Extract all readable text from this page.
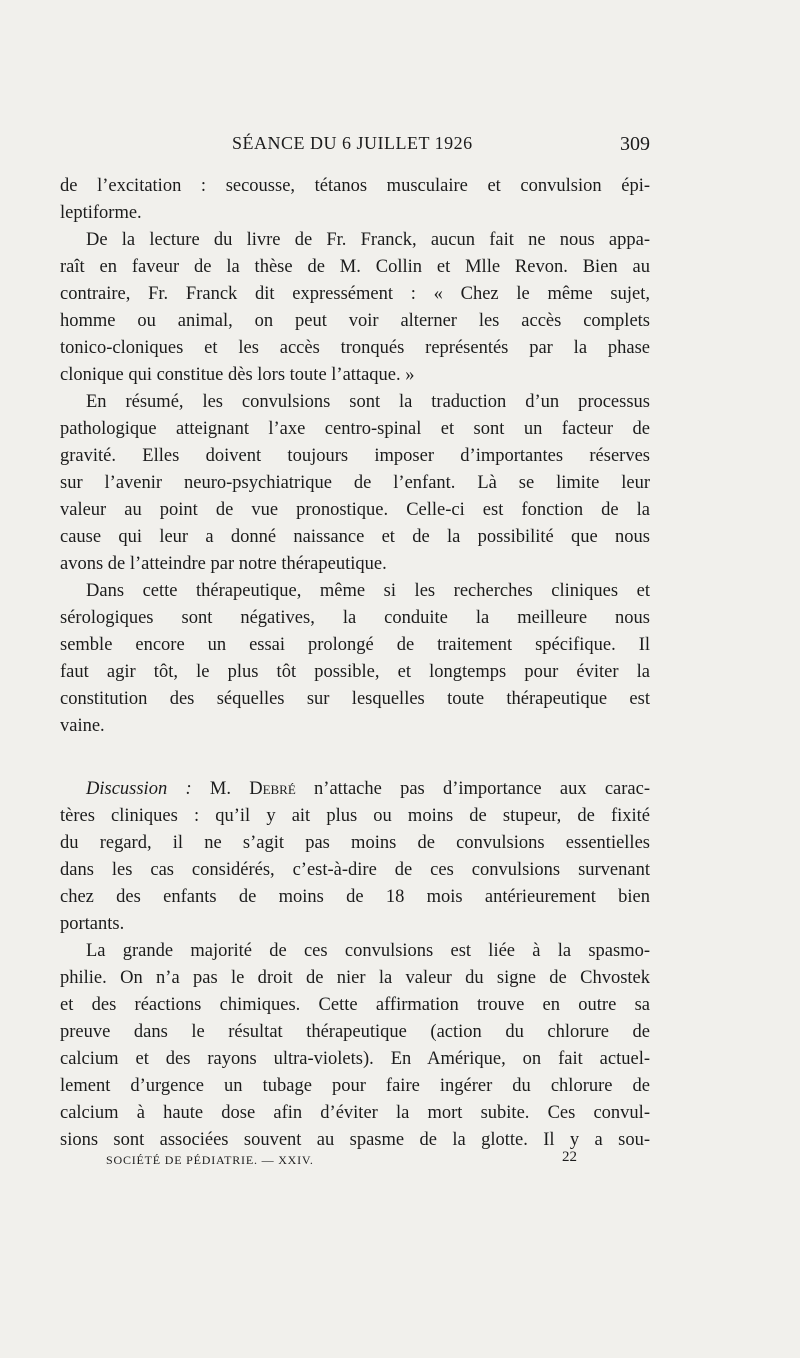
SÉANCE DU 6 JUILLET 1926	309
de l’excitation : secousse, tétanos musculaire et convulsion épi-
leptiforme.
De la lecture du livre de Fr. Franck, aucun fait ne nous appa-
raît en faveur de la thèse de M. Collin et Mlle Revon. Bien au
contraire, Fr. Franck dit expressément : « Chez le même sujet,
homme ou animal, on peut voir alterner les accès complets
tonico-cloniques et les accès tronqués représentés par la phase
clonique qui constitue dès lors toute l’attaque. »
En résumé, les convulsions sont la traduction d’un processus
pathologique atteignant l’axe centro-spinal et sont un facteur de
gravité. Elles doivent toujours imposer d’importantes réserves
sur l’avenir neuro-psychiatrique de l’enfant. Là se limite leur
valeur au point de vue pronostique. Celle-ci est fonction de la
cause qui leur a donné naissance et de la possibilité que nous
avons de l’atteindre par notre thérapeutique.
Dans cette thérapeutique, même si les recherches cliniques et
sérologiques sont négatives, la conduite la meilleure nous
semble encore un essai prolongé de traitement spécifique. Il
faut agir tôt, le plus tôt possible, et longtemps pour éviter la
constitution des séquelles sur lesquelles toute thérapeutique est
vaine.
Discussion : M. Debré n’attache pas d’importance aux carac-
tères cliniques : qu’il y ait plus ou moins de stupeur, de fixité
du regard, il ne s’agit pas moins de convulsions essentielles
dans les cas considérés, c’est-à-dire de ces convulsions survenant
chez des enfants de moins de 18 mois antérieurement bien
portants.
La grande majorité de ces convulsions est liée à la spasmo-
philie. On n’a pas le droit de nier la valeur du signe de Chvostek
et des réactions chimiques. Cette affirmation trouve en outre sa
preuve dans le résultat thérapeutique (action du chlorure de
calcium et des rayons ultra-violets). En Amérique, on fait actuel-
lement d’urgence un tubage pour faire ingérer du chlorure de
calcium à haute dose afin d’éviter la mort subite. Ces convul-
sions sont associées souvent au spasme de la glotte. Il y a sou-
SOCIÉTÉ DE PÉDIATRIE. — XXIV.	22
